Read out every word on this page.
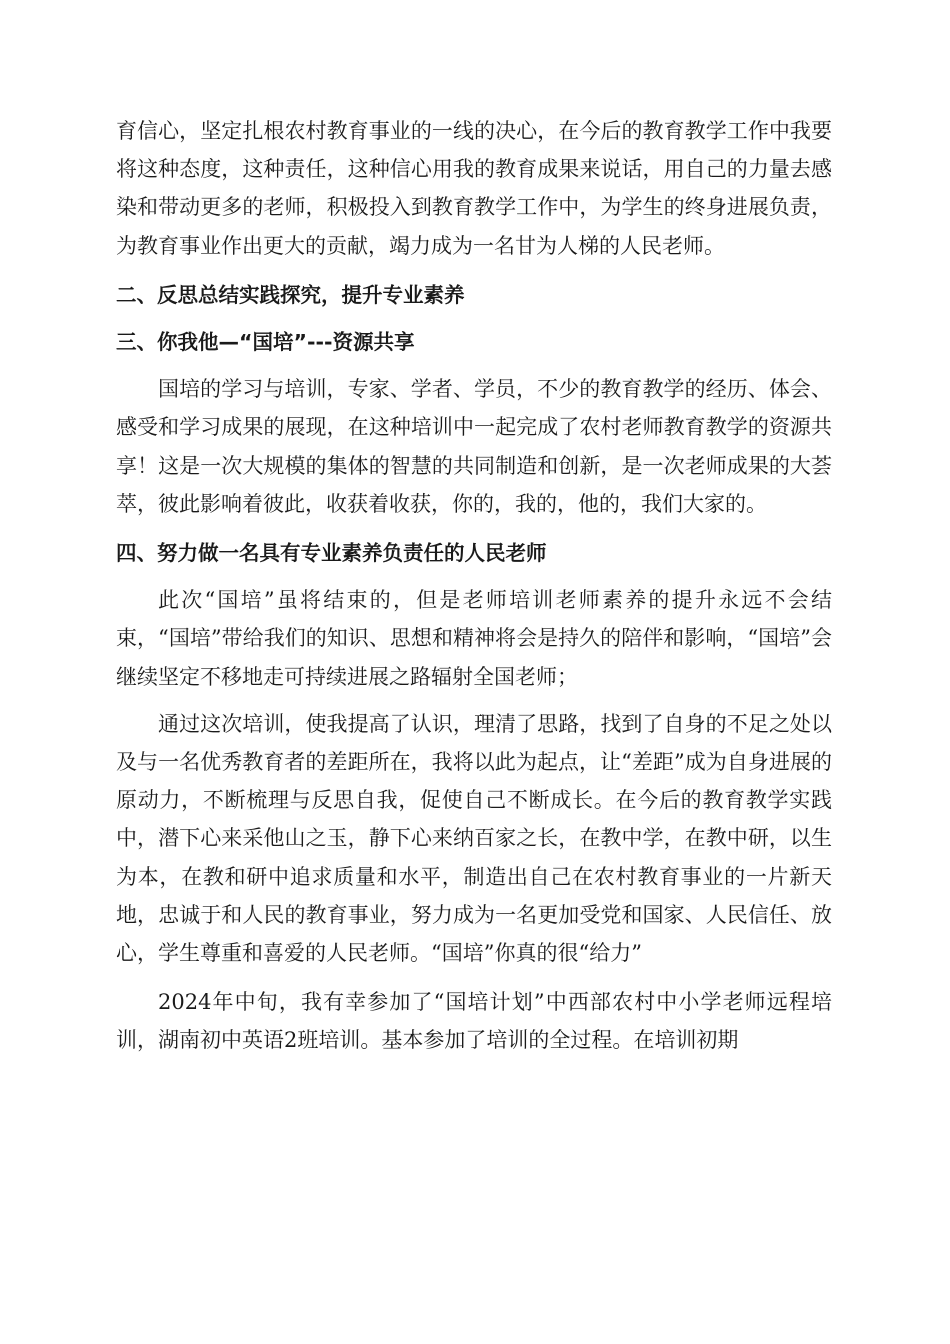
育信心，坚定扎根农村教育事业的一线的决心，在今后的教育教学工作中我要将这种态度，这种责任，这种信心用我的教育成果来说话，用自己的力量去感染和带动更多的老师，积极投入到教育教学工作中，为学生的终身进展负责，为教育事业作出更大的贡献，竭力成为一名甘为人梯的人民老师。

二、反思总结实践探究，提升专业素养
三、你我他—“国培”---资源共享

国培的学习与培训，专家、学者、学员，不少的教育教学的经历、体会、感受和学习成果的展现，在这种培训中一起完成了农村老师教育教学的资源共享！这是一次大规模的集体的智慧的共同制造和创新，是一次老师成果的大荟萃，彼此影响着彼此，收获着收获，你的，我的，他的，我们大家的。

四、努力做一名具有专业素养负责任的人民老师

此次“国培”虽将结束的，但是老师培训老师素养的提升永远不会结束，“国培”带给我们的知识、思想和精神将会是持久的陪伴和影响，“国培”会继续坚定不移地走可持续进展之路辐射全国老师；

通过这次培训，使我提高了认识，理清了思路，找到了自身的不足之处以及与一名优秀教育者的差距所在，我将以此为起点，让“差距”成为自身进展的原动力，不断梳理与反思自我，促使自己不断成长。在今后的教育教学实践中，潜下心来采他山之玉，静下心来纳百家之长，在教中学，在教中研，以生为本，在教和研中追求质量和水平，制造出自己在农村教育事业的一片新天地，忠诚于和人民的教育事业，努力成为一名更加受党和国家、人民信任、放心，学生尊重和喜爱的人民老师。“国培”你真的很“给力”

2024年中旬，我有幸参加了“国培计划”中西部农村中小学老师远程培训，湖南初中英语2班培训。基本参加了培训的全过程。在培训初期
